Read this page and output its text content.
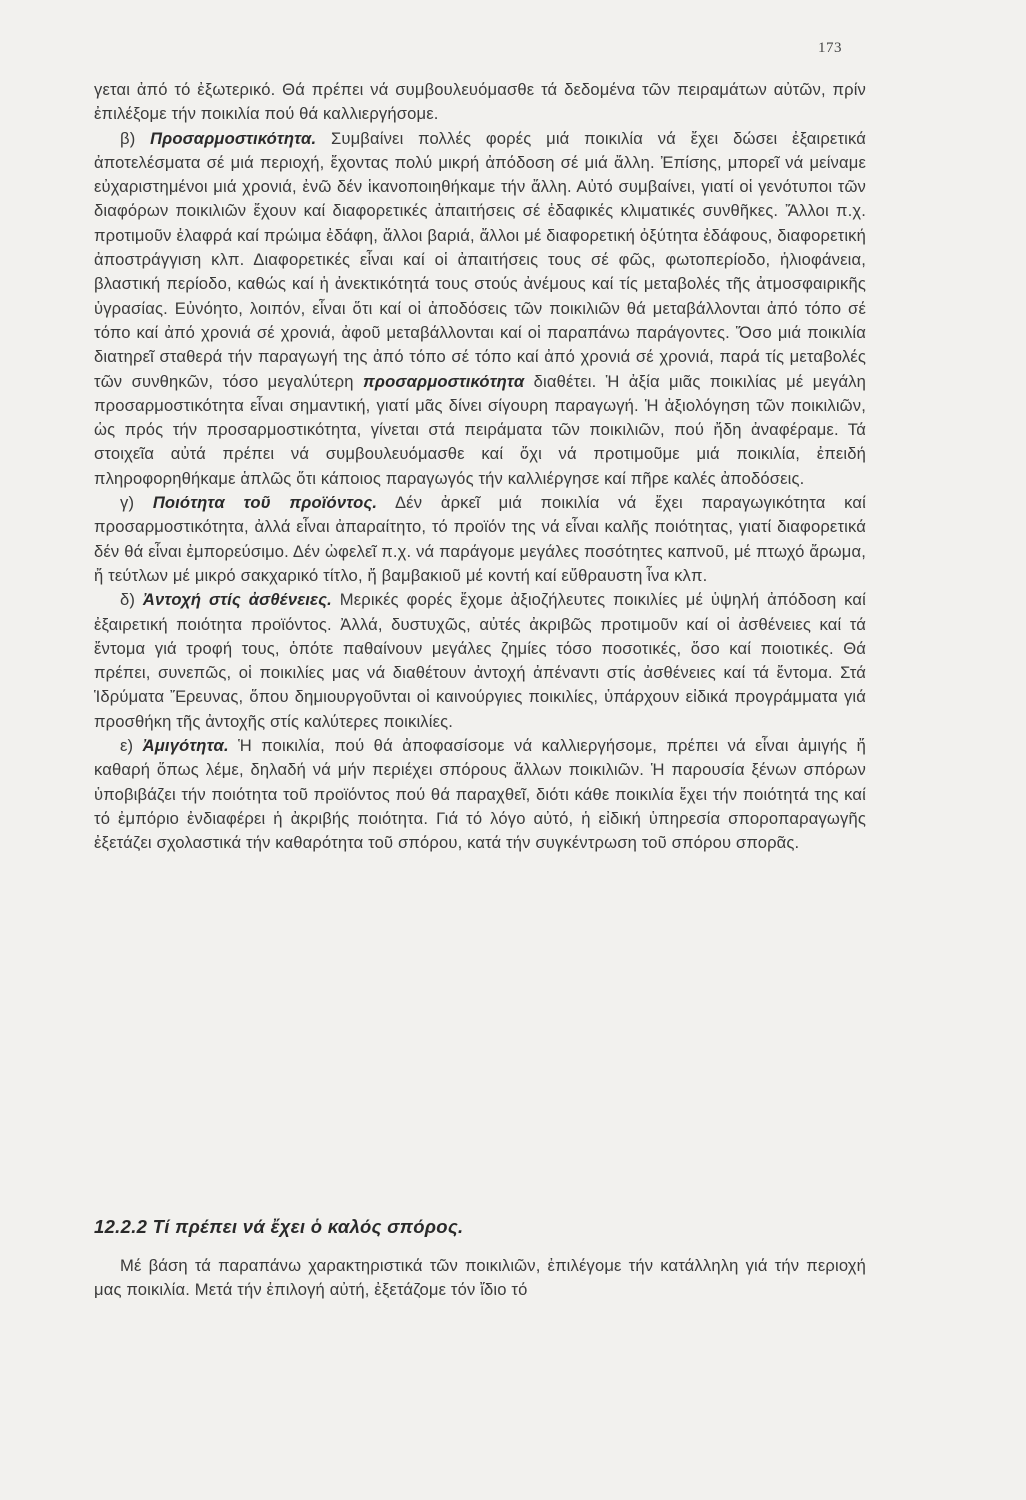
173

γεται ἀπό τό ἐξωτερικό. Θά πρέπει νά συμβουλευόμασθε τά δεδομένα τῶν πειραμάτων αὐτῶν, πρίν ἐπιλέξομε τήν ποικιλία πού θά καλλιεργήσομε.

β) Προσαρμοστικότητα. Συμβαίνει πολλές φορές μιά ποικιλία νά ἔχει δώσει ἐξαιρετικά ἀποτελέσματα σέ μιά περιοχή, ἔχοντας πολύ μικρή ἀπόδοση σέ μιά ἄλλη. Ἐπίσης, μπορεῖ νά μείναμε εὐχαριστημένοι μιά χρονιά, ἐνῶ δέν ἱκανοποιηθήκαμε τήν ἄλλη. Αὐτό συμβαίνει, γιατί οἱ γενότυποι τῶν διαφόρων ποικιλιῶν ἔχουν καί διαφορετικές ἀπαιτήσεις σέ ἐδαφικές κλιματικές συνθῆκες. Ἄλλοι π.χ. προτιμοῦν ἐλαφρά καί πρώιμα ἐδάφη, ἄλλοι βαριά, ἄλλοι μέ διαφορετική ὀξύτητα ἐδάφους, διαφορετική ἀποστράγγιση κλπ. Διαφορετικές εἶναι καί οἱ ἀπαιτήσεις τους σέ φῶς, φωτοπερίοδο, ἡλιοφάνεια, βλαστική περίοδο, καθώς καί ἡ ἀνεκτικότητά τους στούς ἀνέμους καί τίς μεταβολές τῆς ἀτμοσφαιρικῆς ὑγρασίας. Εὐνόητο, λοιπόν, εἶναι ὅτι καί οἱ ἀποδόσεις τῶν ποικιλιῶν θά μεταβάλλονται ἀπό τόπο σέ τόπο καί ἀπό χρονιά σέ χρονιά, ἀφοῦ μεταβάλλονται καί οἱ παραπάνω παράγοντες. Ὅσο μιά ποικιλία διατηρεῖ σταθερά τήν παραγωγή της ἀπό τόπο σέ τόπο καί ἀπό χρονιά σέ χρονιά, παρά τίς μεταβολές τῶν συνθηκῶν, τόσο μεγαλύτερη προσαρμοστικότητα διαθέτει. Ἡ ἀξία μιᾶς ποικιλίας μέ μεγάλη προσαρμοστικότητα εἶναι σημαντική, γιατί μᾶς δίνει σίγουρη παραγωγή. Ἡ ἀξιολόγηση τῶν ποικιλιῶν, ὡς πρός τήν προσαρμοστικότητα, γίνεται στά πειράματα τῶν ποικιλιῶν, πού ἤδη ἀναφέραμε. Τά στοιχεῖα αὐτά πρέπει νά συμβουλευόμασθε καί ὄχι νά προτιμοῦμε μιά ποικιλία, ἐπειδή πληροφορηθήκαμε ἁπλῶς ὅτι κάποιος παραγωγός τήν καλλιέργησε καί πῆρε καλές ἀποδόσεις.

γ) Ποιότητα τοῦ προϊόντος. Δέν ἀρκεῖ μιά ποικιλία νά ἔχει παραγωγικότητα καί προσαρμοστικότητα, ἀλλά εἶναι ἀπαραίτητο, τό προϊόν της νά εἶναι καλῆς ποιότητας, γιατί διαφορετικά δέν θά εἶναι ἐμπορεύσιμο. Δέν ὠφελεῖ π.χ. νά παράγομε μεγάλες ποσότητες καπνοῦ, μέ πτωχό ἄρωμα, ἤ τεύτλων μέ μικρό σακχαρικό τίτλο, ἤ βαμβακιοῦ μέ κοντή καί εὔθραυστη ἶνα κλπ.

δ) Ἀντοχή στίς ἀσθένειες. Μερικές φορές ἔχομε ἀξιοζήλευτες ποικιλίες μέ ὑψηλή ἀπόδοση καί ἐξαιρετική ποιότητα προϊόντος. Ἀλλά, δυστυχῶς, αὐτές ἀκριβῶς προτιμοῦν καί οἱ ἀσθένειες καί τά ἔντομα γιά τροφή τους, ὁπότε παθαίνουν μεγάλες ζημίες τόσο ποσοτικές, ὅσο καί ποιοτικές. Θά πρέπει, συνεπῶς, οἱ ποικιλίες μας νά διαθέτουν ἀντοχή ἀπέναντι στίς ἀσθένειες καί τά ἔντομα. Στά Ἱδρύματα Ἔρευνας, ὅπου δημιουργοῦνται οἱ καινούργιες ποικιλίες, ὑπάρχουν εἰδικά προγράμματα γιά προσθήκη τῆς ἀντοχῆς στίς καλύτερες ποικιλίες.

ε) Ἀμιγότητα. Ἡ ποικιλία, πού θά ἀποφασίσομε νά καλλιεργήσομε, πρέπει νά εἶναι ἀμιγής ἤ καθαρή ὅπως λέμε, δηλαδή νά μήν περιέχει σπόρους ἄλλων ποικιλιῶν. Ἡ παρουσία ξένων σπόρων ὑποβιβάζει τήν ποιότητα τοῦ προϊόντος πού θά παραχθεῖ, διότι κάθε ποικιλία ἔχει τήν ποιότητά της καί τό ἐμπόριο ἐνδιαφέρει ἡ ἀκριβής ποιότητα. Γιά τό λόγο αὐτό, ἡ εἰδική ὑπηρεσία σποροπαραγωγῆς ἐξετάζει σχολαστικά τήν καθαρότητα τοῦ σπόρου, κατά τήν συγκέντρωση τοῦ σπόρου σπορᾶς.

12.2.2 Τί πρέπει νά ἔχει ὁ καλός σπόρος.

Μέ βάση τά παραπάνω χαρακτηριστικά τῶν ποικιλιῶν, ἐπιλέγομε τήν κατάλληλη γιά τήν περιοχή μας ποικιλία. Μετά τήν ἐπιλογή αὐτή, ἐξετάζομε τόν ἴδιο τό
